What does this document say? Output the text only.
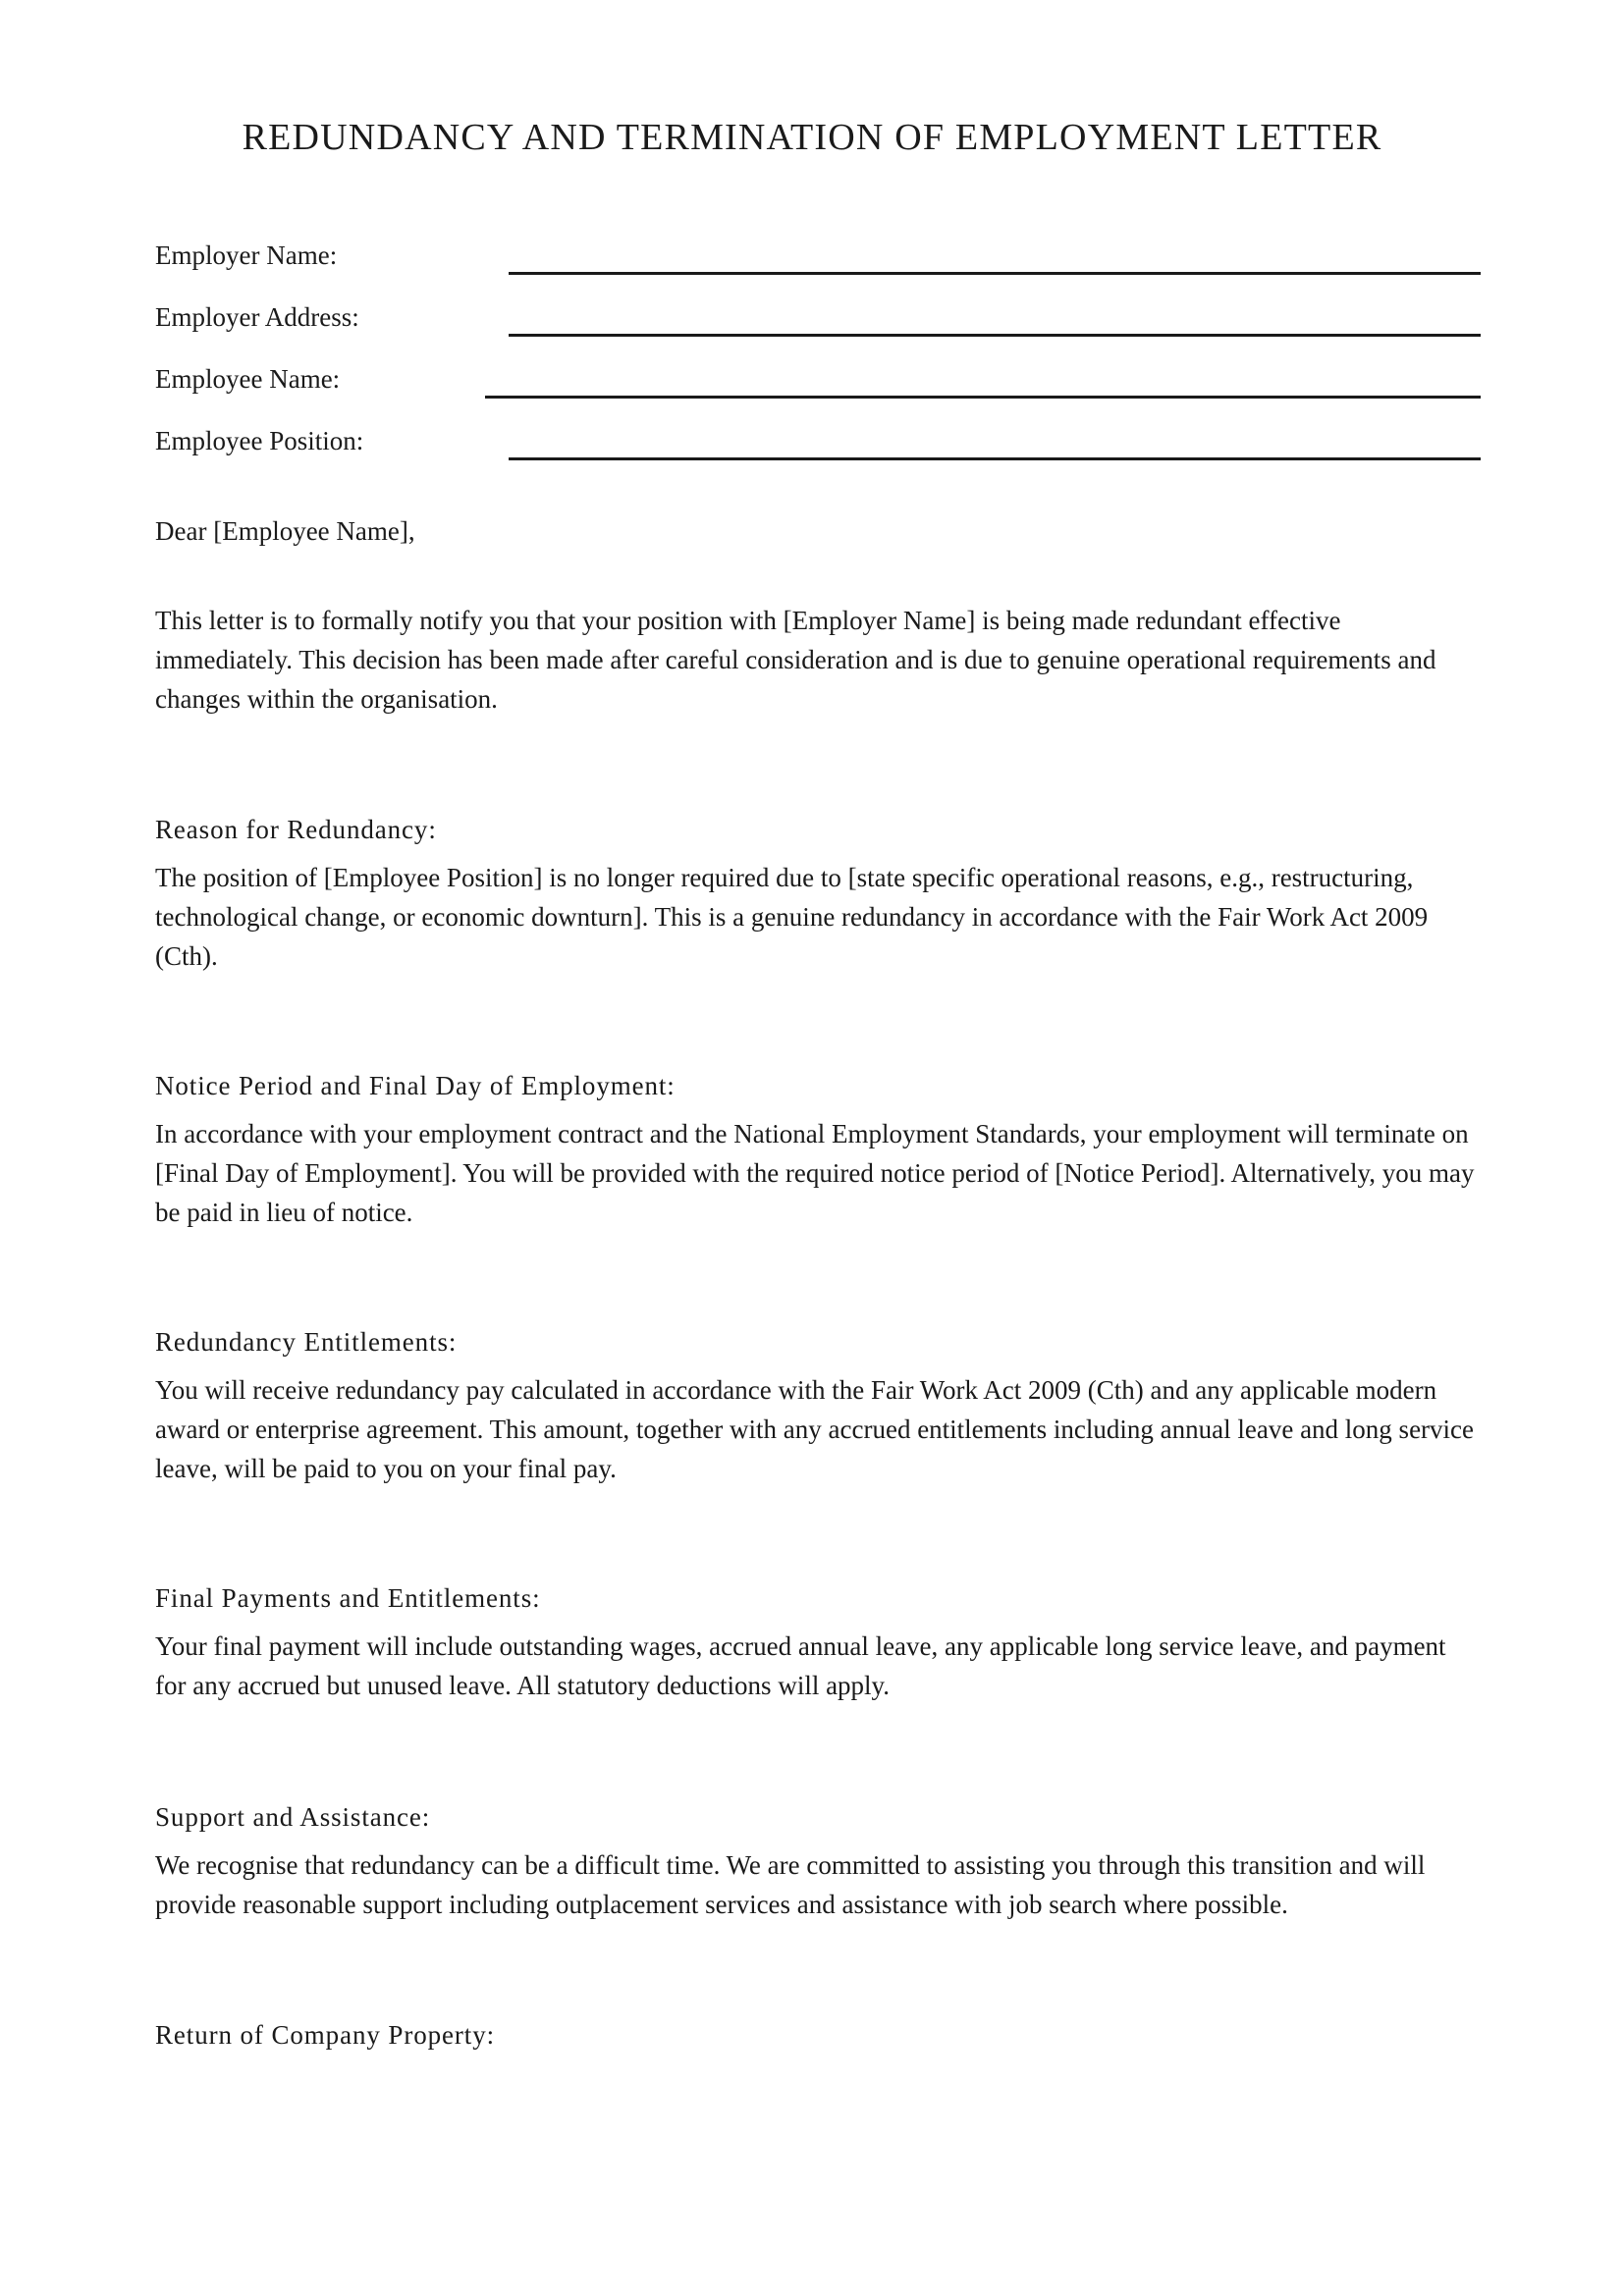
REDUNDANCY AND TERMINATION OF EMPLOYMENT LETTER
Employer Name:
Employer Address:
Employee Name:
Employee Position:

Dear [Employee Name],

This letter is to formally notify you that your position with [Employer Name] is being made redundant effective immediately. This decision has been made after careful consideration and is due to genuine operational requirements and changes within the organisation.

Reason for Redundancy:

The position of [Employee Position] is no longer required due to [state specific operational reasons, e.g., restructuring, technological change, or economic downturn]. This is a genuine redundancy in accordance with the Fair Work Act 2009 (Cth).

Notice Period and Final Day of Employment:

In accordance with your employment contract and the National Employment Standards, your employment will terminate on [Final Day of Employment]. You will be provided with the required notice period of [Notice Period]. Alternatively, you may be paid in lieu of notice.

Redundancy Entitlements:

You will receive redundancy pay calculated in accordance with the Fair Work Act 2009 (Cth) and any applicable modern award or enterprise agreement. This amount, together with any accrued entitlements including annual leave and long service leave, will be paid to you on your final pay.

Final Payments and Entitlements:

Your final payment will include outstanding wages, accrued annual leave, any applicable long service leave, and payment for any accrued but unused leave. All statutory deductions will apply.

Support and Assistance:

We recognise that redundancy can be a difficult time. We are committed to assisting you through this transition and will provide reasonable support including outplacement services and assistance with job search where possible.

Return of Company Property:
